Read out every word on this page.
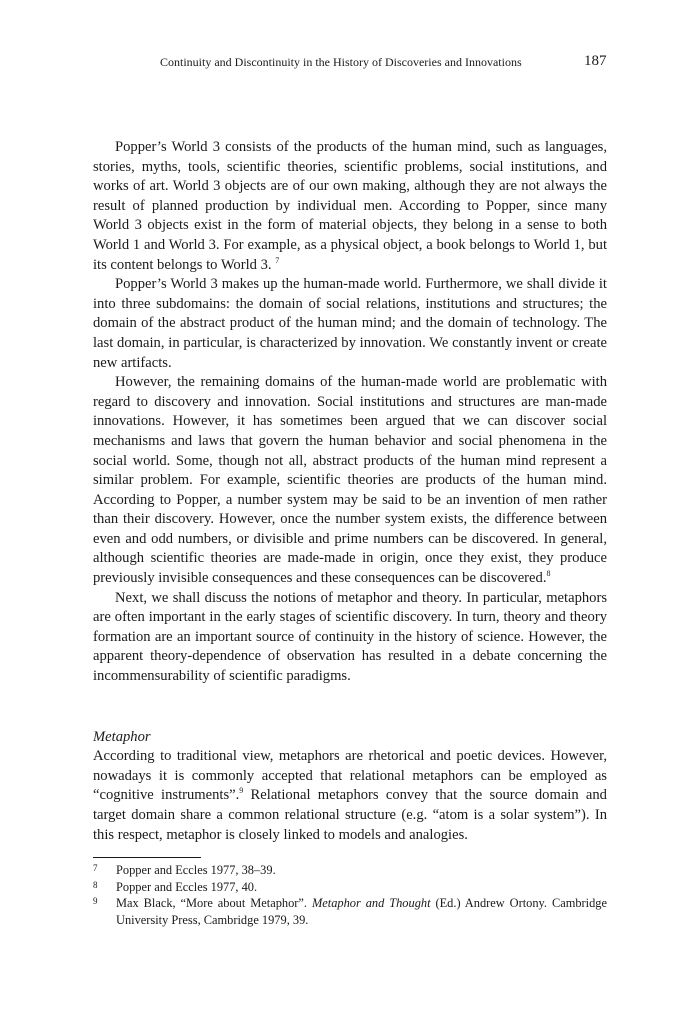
Continuity and Discontinuity in the History of Discoveries and Innovations	187

Popper’s World 3 consists of the products of the human mind, such as languages, stories, myths, tools, scientific theories, scientific problems, social institutions, and works of art. World 3 objects are of our own making, although they are not always the result of planned production by individual men. According to Popper, since many World 3 objects exist in the form of material objects, they belong in a sense to both World 1 and World 3. For example, as a physical object, a book belongs to World 1, but its content belongs to World 3. $^7$

Popper’s World 3 makes up the human-made world. Furthermore, we shall divide it into three subdomains: the domain of social relations, institutions and structures; the domain of the abstract product of the human mind; and the domain of technology. The last domain, in particular, is characterized by innovation. We constantly invent or create new artifacts.

However, the remaining domains of the human-made world are problematic with regard to discovery and innovation. Social institutions and structures are man-made innovations. However, it has sometimes been argued that we can discover social mechanisms and laws that govern the human behavior and social phenomena in the social world. Some, though not all, abstract products of the human mind represent a similar problem. For example, scientific theories are products of the human mind. According to Popper, a number system may be said to be an invention of men rather than their discovery. However, once the number system exists, the difference between even and odd numbers, or divisible and prime numbers can be discovered. In general, although scientific theories are made-made in origin, once they exist, they produce previously invisible consequences and these consequences can be discovered.$^8$

Next, we shall discuss the notions of metaphor and theory. In particular, metaphors are often important in the early stages of scientific discovery. In turn, theory and theory formation are an important source of continuity in the history of science. However, the apparent theory-dependence of observation has resulted in a debate concerning the incommensurability of scientific paradigms.

Metaphor

According to traditional view, metaphors are rhetorical and poetic devices. However, nowadays it is commonly accepted that relational metaphors can be employed as “cognitive instruments”.$^9$ Relational metaphors convey that the source domain and target domain share a common relational structure (e.g. “atom is a solar system”). In this respect, metaphor is closely linked to models and analogies.

7 Popper and Eccles 1977, 38–39.
8 Popper and Eccles 1977, 40.
9 Max Black, “More about Metaphor”. Metaphor and Thought (Ed.) Andrew Ortony. Cambridge University Press, Cambridge 1979, 39.
